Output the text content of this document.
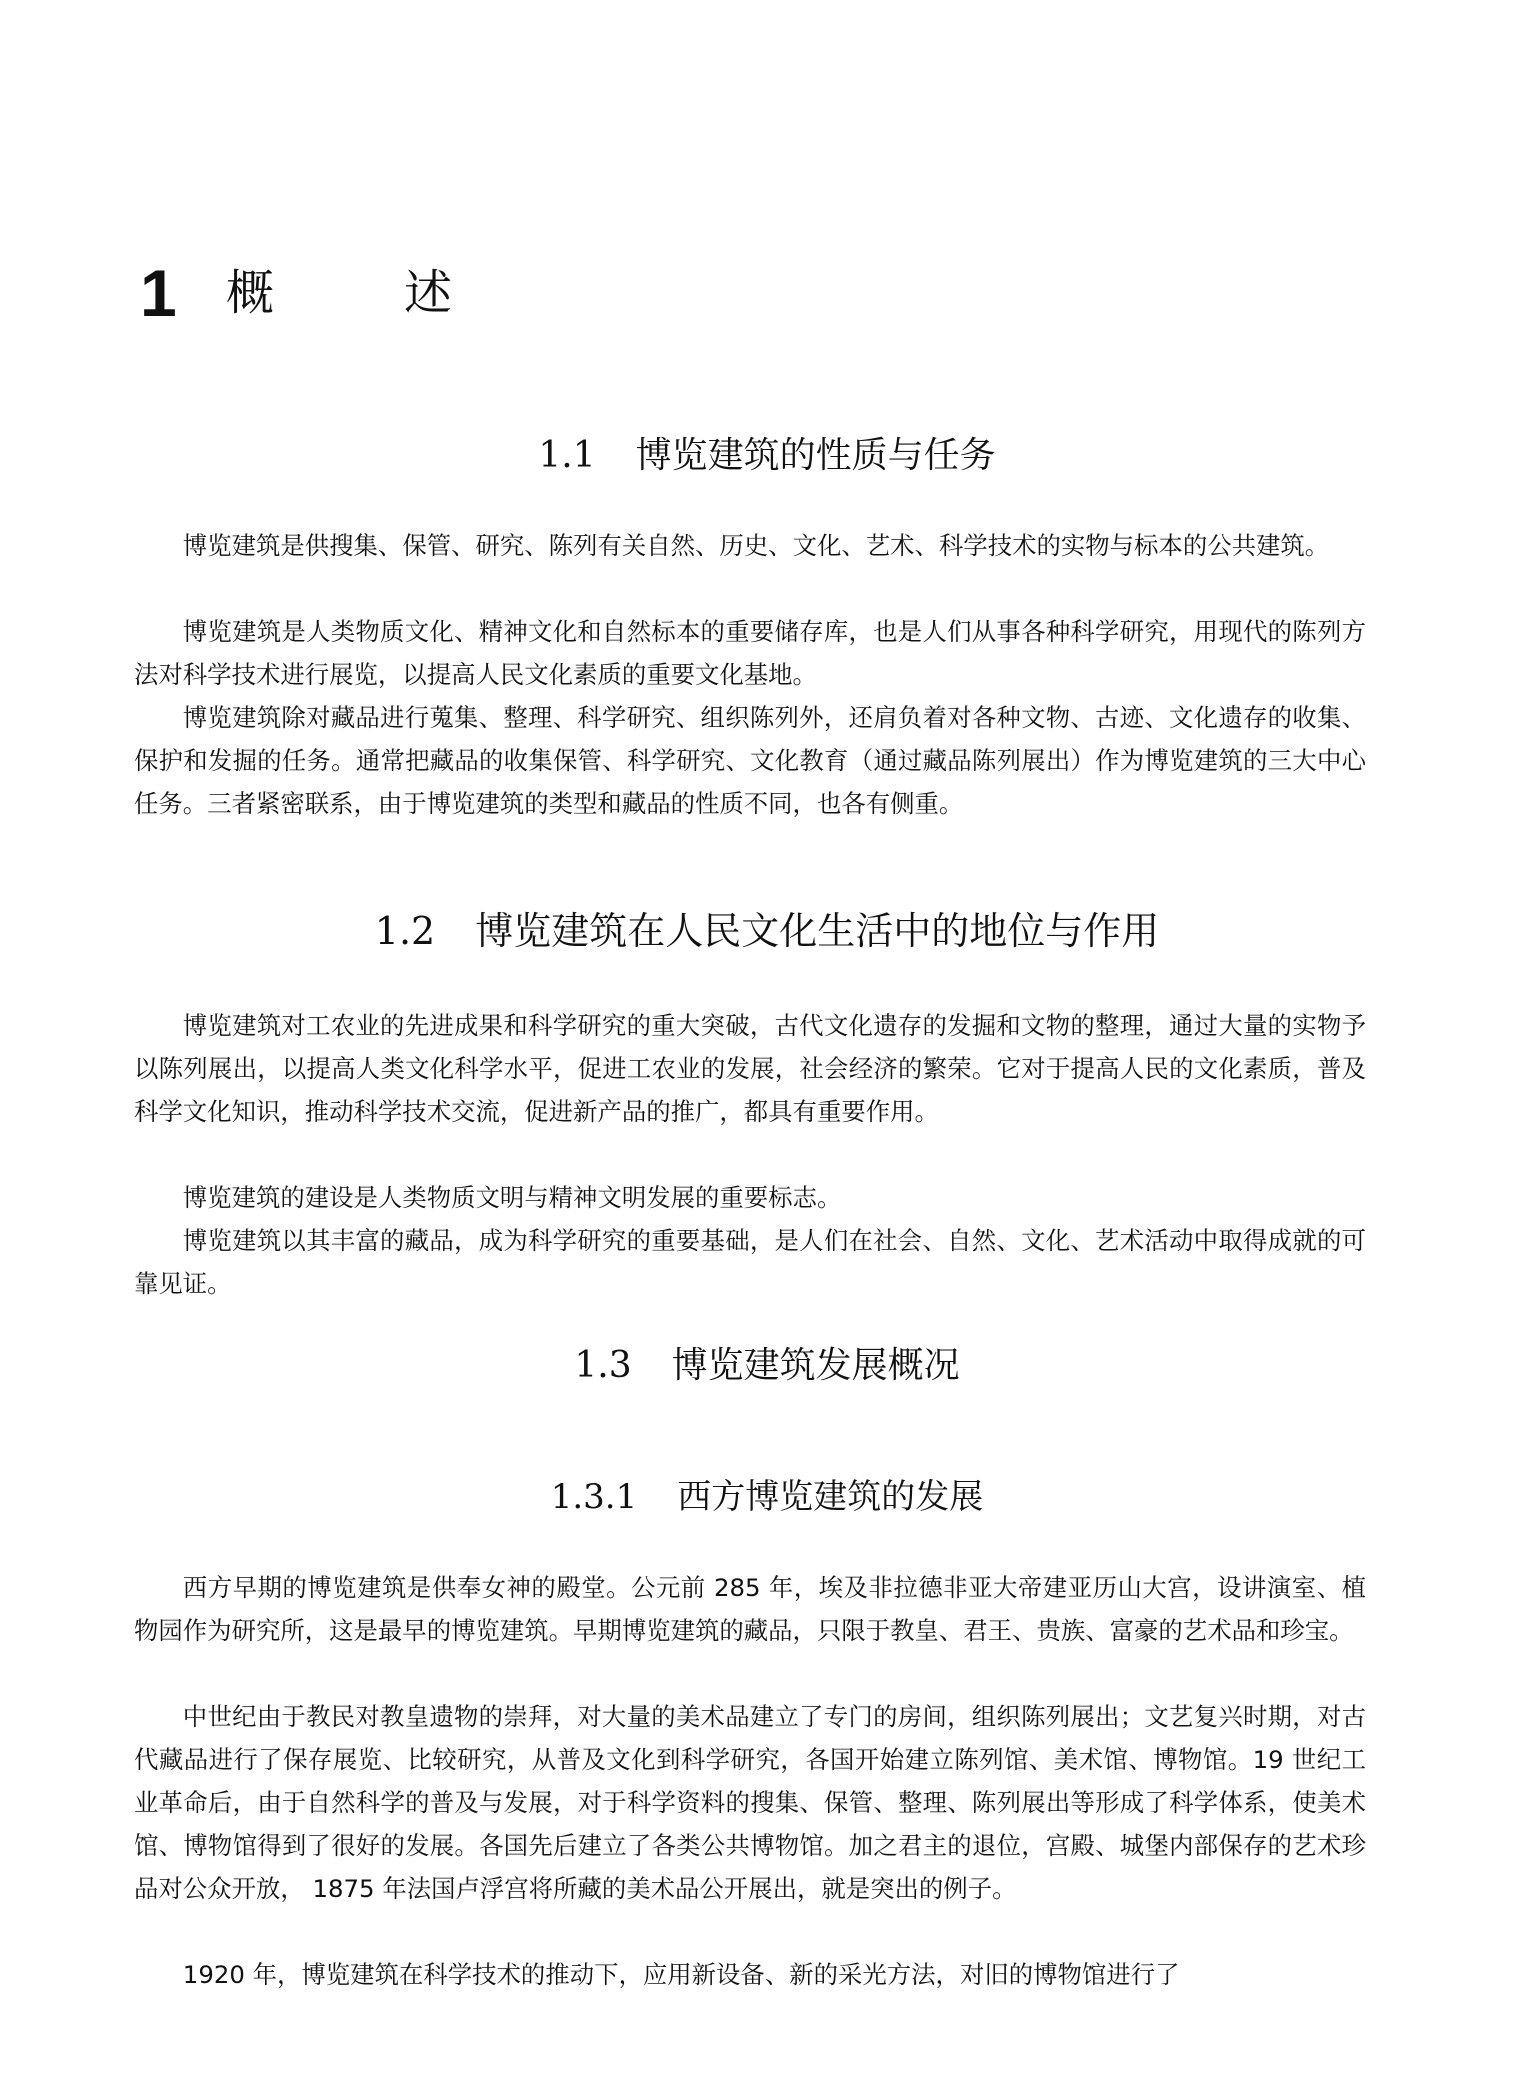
1	概述
1.1 博览建筑的性质与任务

博览建筑是供搜集、保管、研究、陈列有关自然、历史、文化、艺术、科学技术的实物与标本的公共建筑。

博览建筑是人类物质文化、精神文化和自然标本的重要储存库，也是人们从事各种科学研究，用现代的陈列方法对科学技术进行展览，以提高人民文化素质的重要文化基地。

博览建筑除对藏品进行蒐集、整理、科学研究、组织陈列外，还肩负着对各种文物、古迹、文化遗存的收集、保护和发掘的任务。通常把藏品的收集保管、科学研究、文化教育（通过藏品陈列展出）作为博览建筑的三大中心任务。三者紧密联系，由于博览建筑的类型和藏品的性质不同，也各有侧重。

1.2 博览建筑在人民文化生活中的地位与作用

博览建筑对工农业的先进成果和科学研究的重大突破，古代文化遗存的发掘和文物的整理，通过大量的实物予以陈列展出，以提高人类文化科学水平，促进工农业的发展，社会经济的繁荣。它对于提高人民的文化素质，普及科学文化知识，推动科学技术交流，促进新产品的推广，都具有重要作用。

博览建筑的建设是人类物质文明与精神文明发展的重要标志。

博览建筑以其丰富的藏品，成为科学研究的重要基础，是人们在社会、自然、文化、艺术活动中取得成就的可靠见证。

1.3 博览建筑发展概况
1.3.1 西方博览建筑的发展

西方早期的博览建筑是供奉女神的殿堂。公元前 285 年，埃及非拉德非亚大帝建亚历山大宫，设讲演室、植物园作为研究所，这是最早的博览建筑。早期博览建筑的藏品，只限于教皇、君王、贵族、富豪的艺术品和珍宝。

中世纪由于教民对教皇遗物的崇拜，对大量的美术品建立了专门的房间，组织陈列展出；文艺复兴时期，对古代藏品进行了保存展览、比较研究，从普及文化到科学研究，各国开始建立陈列馆、美术馆、博物馆。19 世纪工业革命后，由于自然科学的普及与发展，对于科学资料的搜集、保管、整理、陈列展出等形成了科学体系，使美术馆、博物馆得到了很好的发展。各国先后建立了各类公共博物馆。加之君主的退位，宫殿、城堡内部保存的艺术珍品对公众开放， 1875 年法国卢浮宫将所藏的美术品公开展出，就是突出的例子。

1920 年，博览建筑在科学技术的推动下，应用新设备、新的采光方法，对旧的博物馆进行了
